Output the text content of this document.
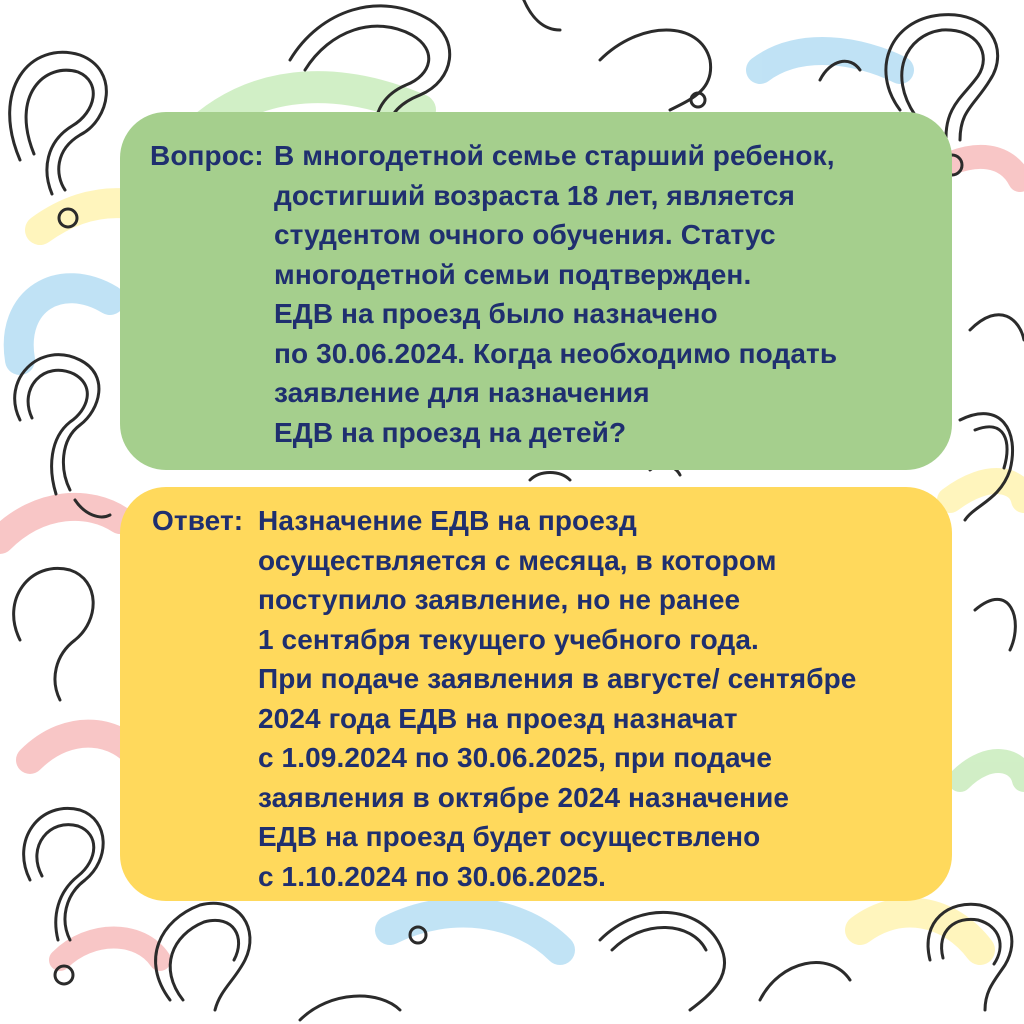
Вопрос: В многодетной семье старший ребенок,
достигший возраста 18 лет, является
студентом очного обучения. Статус
многодетной семьи подтвержден.
ЕДВ на проезд было назначено
по 30.06.2024. Когда необходимо подать
заявление для назначения
ЕДВ на проезд на детей?
Ответ: Назначение ЕДВ на проезд
осуществляется с месяца, в котором
поступило заявление, но не ранее
1 сентября текущего учебного года.
При подаче заявления в августе/ сентябре
2024 года ЕДВ на проезд назначат
с 1.09.2024 по 30.06.2025, при подаче
заявления в октябре 2024 назначение
ЕДВ на проезд будет осуществлено
с 1.10.2024 по 30.06.2025.
